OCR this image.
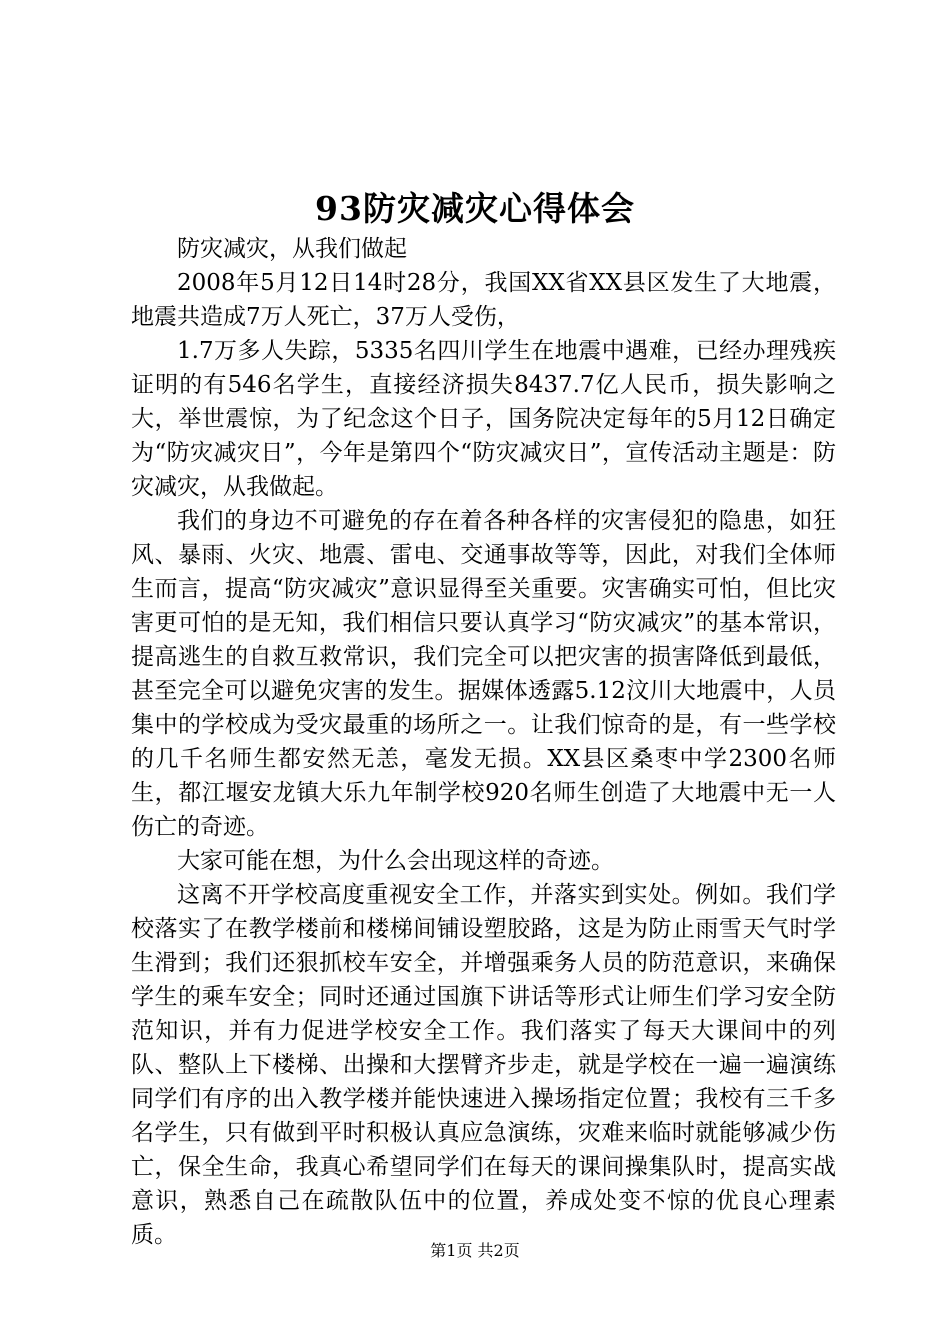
93防灾减灾心得体会

防灾减灾，从我们做起

2008年5月12日14时28分，我国XX省XX县区发生了大地震，地震共造成7万人死亡，37万人受伤，

1.7万多人失踪，5335名四川学生在地震中遇难，已经办理残疾证明的有546名学生，直接经济损失8437.7亿人民币，损失影响之大，举世震惊，为了纪念这个日子，国务院决定每年的5月12日确定为“防灾减灾日”，今年是第四个“防灾减灾日”，宣传活动主题是：防灾减灾，从我做起。

我们的身边不可避免的存在着各种各样的灾害侵犯的隐患，如狂风、暴雨、火灾、地震、雷电、交通事故等等，因此，对我们全体师生而言，提高“防灾减灾”意识显得至关重要。灾害确实可怕，但比灾害更可怕的是无知，我们相信只要认真学习“防灾减灾”的基本常识，提高逃生的自救互救常识，我们完全可以把灾害的损害降低到最低，甚至完全可以避免灾害的发生。据媒体透露5.12汶川大地震中，人员集中的学校成为受灾最重的场所之一。让我们惊奇的是，有一些学校的几千名师生都安然无恙，毫发无损。XX县区桑枣中学2300名师生，都江堰安龙镇大乐九年制学校920名师生创造了大地震中无一人伤亡的奇迹。

大家可能在想，为什么会出现这样的奇迹。

这离不开学校高度重视安全工作，并落实到实处。例如。我们学校落实了在教学楼前和楼梯间铺设塑胶路，这是为防止雨雪天气时学生滑到；我们还狠抓校车安全，并增强乘务人员的防范意识，来确保学生的乘车安全；同时还通过国旗下讲话等形式让师生们学习安全防范知识，并有力促进学校安全工作。我们落实了每天大课间中的列队、整队上下楼梯、出操和大摆臂齐步走，就是学校在一遍一遍演练同学们有序的出入教学楼并能快速进入操场指定位置；我校有三千多名学生，只有做到平时积极认真应急演练，灾难来临时就能够减少伤亡，保全生命，我真心希望同学们在每天的课间操集队时，提高实战意识，熟悉自己在疏散队伍中的位置，养成处变不惊的优良心理素质。

第1页 共2页
